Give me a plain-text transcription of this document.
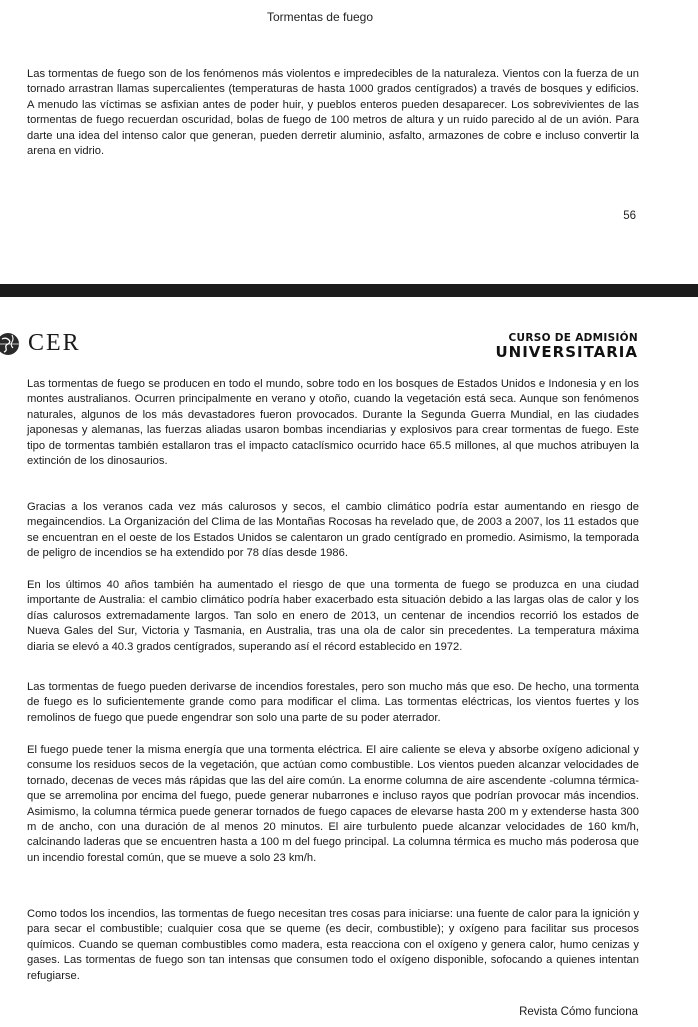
Tormentas de fuego

Las tormentas de fuego son de los fenómenos más violentos e impredecibles de la naturaleza. Vientos con la fuerza de un tornado arrastran llamas supercalientes (temperaturas de hasta 1000 grados centígrados) a través de bosques y edificios. A menudo las víctimas se asfixian antes de poder huir, y pueblos enteros pueden desaparecer. Los sobrevivientes de las tormentas de fuego recuerdan oscuridad, bolas de fuego de 100 metros de altura y un ruido parecido al de un avión. Para darte una idea del intenso calor que generan, pueden derretir aluminio, asfalto, armazones de cobre e incluso convertir la arena en vidrio.

56
CER	CURSO DE ADMISIÓN
UNIVERSITARIA

Las tormentas de fuego se producen en todo el mundo, sobre todo en los bosques de Estados Unidos e Indonesia y en los montes australianos. Ocurren principalmente en verano y otoño, cuando la vegetación está seca. Aunque son fenómenos naturales, algunos de los más devastadores fueron provocados. Durante la Segunda Guerra Mundial, en las ciudades japonesas y alemanas, las fuerzas aliadas usaron bombas incendiarias y explosivos para crear tormentas de fuego. Este tipo de tormentas también estallaron tras el impacto cataclísmico ocurrido hace 65.5 millones, al que muchos atribuyen la extinción de los dinosaurios.

Gracias a los veranos cada vez más calurosos y secos, el cambio climático podría estar aumentando en riesgo de megaincendios. La Organización del Clima de las Montañas Rocosas ha revelado que, de 2003 a 2007, los 11 estados que se encuentran en el oeste de los Estados Unidos se calentaron un grado centígrado en promedio. Asimismo, la temporada de peligro de incendios se ha extendido por 78 días desde 1986.

En los últimos 40 años también ha aumentado el riesgo de que una tormenta de fuego se produzca en una ciudad importante de Australia: el cambio climático podría haber exacerbado esta situación debido a las largas olas de calor y los días calurosos extremadamente largos. Tan solo en enero de 2013, un centenar de incendios recorrió los estados de Nueva Gales del Sur, Victoria y Tasmania, en Australia, tras una ola de calor sin precedentes. La temperatura máxima diaria se elevó a 40.3 grados centígrados, superando así el récord establecido en 1972.

Las tormentas de fuego pueden derivarse de incendios forestales, pero son mucho más que eso. De hecho, una tormenta de fuego es lo suficientemente grande como para modificar el clima. Las tormentas eléctricas, los vientos fuertes y los remolinos de fuego que puede engendrar son solo una parte de su poder aterrador.

El fuego puede tener la misma energía que una tormenta eléctrica. El aire caliente se eleva y absorbe oxígeno adicional y consume los residuos secos de la vegetación, que actúan como combustible. Los vientos pueden alcanzar velocidades de tornado, decenas de veces más rápidas que las del aire común. La enorme columna de aire ascendente -columna térmica- que se arremolina por encima del fuego, puede generar nubarrones e incluso rayos que podrían provocar más incendios. Asimismo, la columna térmica puede generar tornados de fuego capaces de elevarse hasta 200 m y extenderse hasta 300 m de ancho, con una duración de al menos 20 minutos. El aire turbulento puede alcanzar velocidades de 160 km/h, calcinando laderas que se encuentren hasta a 100 m del fuego principal. La columna térmica es mucho más poderosa que un incendio forestal común, que se mueve a solo 23 km/h.

Como todos los incendios, las tormentas de fuego necesitan tres cosas para iniciarse: una fuente de calor para la ignición y para secar el combustible; cualquier cosa que se queme (es decir, combustible); y oxígeno para facilitar sus procesos químicos. Cuando se queman combustibles como madera, esta reacciona con el oxígeno y genera calor, humo cenizas y gases. Las tormentas de fuego son tan intensas que consumen todo el oxígeno disponible, sofocando a quienes intentan refugiarse.

Revista Cómo funciona
